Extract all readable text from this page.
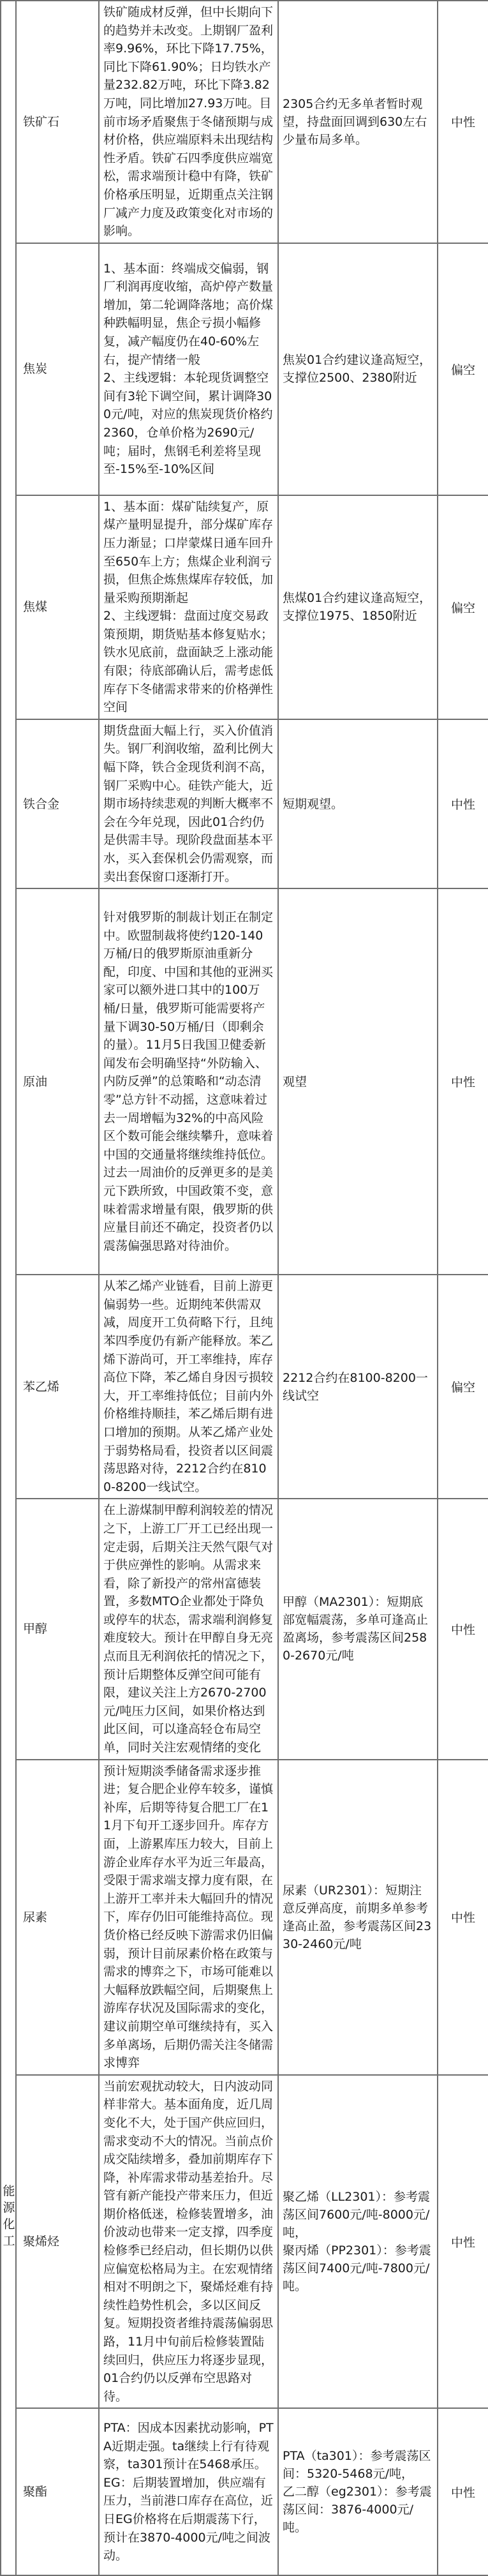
能
源
化
工	铁矿石	铁矿随成材反弹，但中长期向下的趋势并未改变。上期钢厂盈利率9.96%，环比下降17.75%，同比下降61.90%；日均铁水产量232.82万吨，环比下降3.82万吨，同比增加27.93万吨。目前市场矛盾聚焦于冬储预期与成材价格，供应端原料未出现结构性矛盾。铁矿石四季度供应端宽松，需求端预计稳中有降，铁矿价格承压明显，近期重点关注钢厂减产力度及政策变化对市场的影响。	2305合约无多单者暂时观望，持盘面回调到630左右少量布局多单。	中性
	焦炭	1、基本面：终端成交偏弱，钢厂利润再度收缩，高炉停产数量增加，第二轮调降落地；高价煤种跌幅明显，焦企亏损小幅修复，减产幅度仍在40-60%左右，提产情绪一般
2、主线逻辑：本轮现货调整空间有3轮下调空间，累计调降300元/吨，对应的焦炭现货价格约2360，仓单价格为2690元/吨；届时，焦钢毛利差将呈现至-15%至-10%区间	焦炭01合约建议逢高短空，支撑位2500、2380附近	偏空
	焦煤	1、基本面：煤矿陆续复产，原煤产量明显提升，部分煤矿库存压力渐显；口岸蒙煤日通车回升至650车上方；焦煤企业利润亏损，但焦企炼焦煤库存较低，加量采购预期渐起
2、主线逻辑：盘面过度交易政策预期，期货贴基本修复贴水；铁水见底前，盘面缺乏上涨动能有限；待底部确认后，需考虑低库存下冬储需求带来的价格弹性空间	焦煤01合约建议逢高短空，支撑位1975、1850附近	偏空
	铁合金	期货盘面大幅上行，买入价值消失。钢厂利润收缩，盈利比例大幅下降，铁合金现货利润不高，钢厂采购中心。硅铁产能大，近期市场持续悲观的判断大概率不会在今年兑现，因此01合约仍是供需丰导。现阶段盘面基本平水，买入套保机会仍需观察，而卖出套保窗口逐渐打开。	短期观望。	中性
	原油	针对俄罗斯的制裁计划正在制定中。欧盟制裁将使约120-140万桶/日的俄罗斯原油重新分配，印度、中国和其他的亚洲买家可以额外进口其中的100万桶/日量，俄罗斯可能需要将产量下调30-50万桶/日（即剩余的量）。11月5日我国卫健委新闻发布会明确坚持“外防输入、内防反弹”的总策略和“动态清零”总方针不动摇，这意味着过去一周增幅为32%的中高风险区个数可能会继续攀升，意味着中国的交通量将继续维持低位。过去一周油价的反弹更多的是美元下跌所致，中国政策不变，意味着需求增量有限，俄罗斯的供应量目前还不确定，投资者仍以震荡偏强思路对待油价。	观望	中性
	苯乙烯	从苯乙烯产业链看，目前上游更偏弱势一些。近期纯苯供需双减，周度开工负荷略下行，且纯苯四季度仍有新产能释放。苯乙烯下游尚可，开工率维持，库存高位下降，苯乙烯自身因亏损较大，开工率维持低位；目前内外价格维持顺挂，苯乙烯后期有进口增加的预期。从苯乙烯产业处于弱势格局看，投资者以区间震荡思路对待，2212合约在8100-8200一线试空。	2212合约在8100-8200一线试空	偏空
	甲醇	在上游煤制甲醇利润较差的情况之下，上游工厂开工已经出现一定走弱，后期关注天然气限气对于供应弹性的影响。从需求来看，除了新投产的常州富德装置，多数MTO企业都处于降负或停车的状态，需求端利润修复难度较大。预计在甲醇自身无亮点而且无利润依托的情况之下，预计后期整体反弹空间可能有限，建议关注上方2670-2700元/吨压力区间，如果价格达到此区间，可以逢高轻仓布局空单，同时关注宏观情绪的变化	甲醇（MA2301）：短期底部宽幅震荡，多单可逢高止盈离场，参考震荡区间2580-2670元/吨	中性
	尿素	预计短期淡季储备需求逐步推进；复合肥企业停车较多，谨慎补库，后期等待复合肥工厂在11月下旬开工逐步回升。库存方面，上游累库压力较大，目前上游企业库存水平为近三年最高，受限于需求端支撑力度有限，在上游开工率并未大幅回升的情况下，库存仍旧可能维持高位。现货价格已经反映下游需求仍旧偏弱，预计目前尿素价格在政策与需求的博弈之下，市场可能难以大幅释放跌幅空间，后期聚焦上游库存状况及国际需求的变化，建议前期空单可继续持有，买入多单离场，后期仍需关注冬储需求博弈	尿素（UR2301）：短期注意反弹高度，前期多单参考逢高止盈，参考震荡区间2330-2460元/吨	中性
	聚烯烃	当前宏观扰动较大，日内波动同样非常大。基本面角度，近几周变化不大，处于国产供应回归，需求变动不大的情况。当前点价成交陆续增多，叠加前期库存下降，补库需求带动基差抬升。尽管有新产能投产带来压力，但近期价格低迷，检修装置增多，油价波动也带来一定支撑，四季度检修季已经启动，但长期仍以供应偏宽松格局为主。在宏观情绪相对不明朗之下，聚烯烃难有持续性趋势性机会，多以区间反复。短期投资者维持震荡偏弱思路，11月中旬前后检修装置陆续回归，供应压力将逐步显现，01合约仍以反弹布空思路对待。	聚乙烯（LL2301）：参考震荡区间7600元/吨-8000元/吨，
聚丙烯（PP2301）：参考震荡区间7400元/吨-7800元/吨。	中性
	聚酯	PTA：因成本因素扰动影响，PTA近期走强。ta继续上行有待观察，ta301预计在5468承压。
EG：后期装置增加，供应端有压力，当前港口库存在高位，近日EG价格将在后期震荡下行，预计在3870-4000元/吨之间波动。	PTA（ta301）：参考震荡区间：5320-5468元/吨，
乙二醇（eg2301）：参考震荡区间：3876-4000元/吨。	中性
